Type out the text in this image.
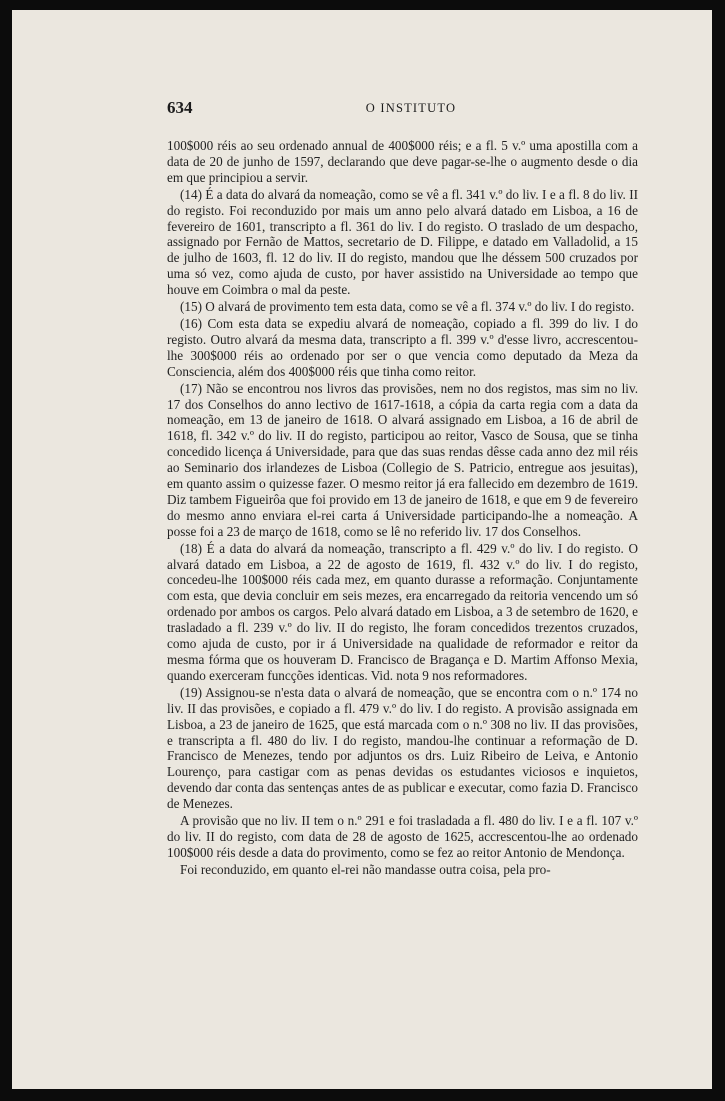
634	O INSTITUTO

100$000 réis ao seu ordenado annual de 400$000 réis; e a fl. 5 v.º uma apostilla com a data de 20 de junho de 1597, declarando que deve pagar-se-lhe o augmento desde o dia em que principiou a servir.

(14) É a data do alvará da nomeação, como se vê a fl. 341 v.º do liv. I e a fl. 8 do liv. II do registo. Foi reconduzido por mais um anno pelo alvará datado em Lisboa, a 16 de fevereiro de 1601, transcripto a fl. 361 do liv. I do registo. O traslado de um despacho, assignado por Fernão de Mattos, secretario de D. Filippe, e datado em Valladolid, a 15 de julho de 1603, fl. 12 do liv. II do registo, mandou que lhe déssem 500 cruzados por uma só vez, como ajuda de custo, por haver assistido na Universidade ao tempo que houve em Coimbra o mal da peste.

(15) O alvará de provimento tem esta data, como se vê a fl. 374 v.º do liv. I do registo.

(16) Com esta data se expediu alvará de nomeação, copiado a fl. 399 do liv. I do registo. Outro alvará da mesma data, transcripto a fl. 399 v.º d'esse livro, accrescentou-lhe 300$000 réis ao ordenado por ser o que vencia como deputado da Meza da Consciencia, além dos 400$000 réis que tinha como reitor.

(17) Não se encontrou nos livros das provisões, nem no dos registos, mas sim no liv. 17 dos Conselhos do anno lectivo de 1617-1618, a cópia da carta regia com a data da nomeação, em 13 de janeiro de 1618. O alvará assignado em Lisboa, a 16 de abril de 1618, fl. 342 v.º do liv. II do registo, participou ao reitor, Vasco de Sousa, que se tinha concedido licença á Universidade, para que das suas rendas dêsse cada anno dez mil réis ao Seminario dos irlandezes de Lisboa (Collegio de S. Patricio, entregue aos jesuitas), em quanto assim o quizesse fazer. O mesmo reitor já era fallecido em dezembro de 1619. Diz tambem Figueirôa que foi provido em 13 de janeiro de 1618, e que em 9 de fevereiro do mesmo anno enviara el-rei carta á Universidade participando-lhe a nomeação. A posse foi a 23 de março de 1618, como se lê no referido liv. 17 dos Conselhos.

(18) É a data do alvará da nomeação, transcripto a fl. 429 v.º do liv. I do registo. O alvará datado em Lisboa, a 22 de agosto de 1619, fl. 432 v.º do liv. I do registo, concedeu-lhe 100$000 réis cada mez, em quanto durasse a reformação. Conjuntamente com esta, que devia concluir em seis mezes, era encarregado da reitoria vencendo um só ordenado por ambos os cargos. Pelo alvará datado em Lisboa, a 3 de setembro de 1620, e trasladado a fl. 239 v.º do liv. II do registo, lhe foram concedidos trezentos cruzados, como ajuda de custo, por ir á Universidade na qualidade de reformador e reitor da mesma fórma que os houveram D. Francisco de Bragança e D. Martim Affonso Mexia, quando exerceram funcções identicas. Vid. nota 9 nos reformadores.

(19) Assignou-se n'esta data o alvará de nomeação, que se encontra com o n.º 174 no liv. II das provisões, e copiado a fl. 479 v.º do liv. I do registo. A provisão assignada em Lisboa, a 23 de janeiro de 1625, que está marcada com o n.º 308 no liv. II das provisões, e transcripta a fl. 480 do liv. I do registo, mandou-lhe continuar a reformação de D. Francisco de Menezes, tendo por adjuntos os drs. Luiz Ribeiro de Leiva, e Antonio Lourenço, para castigar com as penas devidas os estudantes viciosos e inquietos, devendo dar conta das sentenças antes de as publicar e executar, como fazia D. Francisco de Menezes.

A provisão que no liv. II tem o n.º 291 e foi trasladada a fl. 480 do liv. I e a fl. 107 v.º do liv. II do registo, com data de 28 de agosto de 1625, accrescentou-lhe ao ordenado 100$000 réis desde a data do provimento, como se fez ao reitor Antonio de Mendonça.

Foi reconduzido, em quanto el-rei não mandasse outra coisa, pela pro-
